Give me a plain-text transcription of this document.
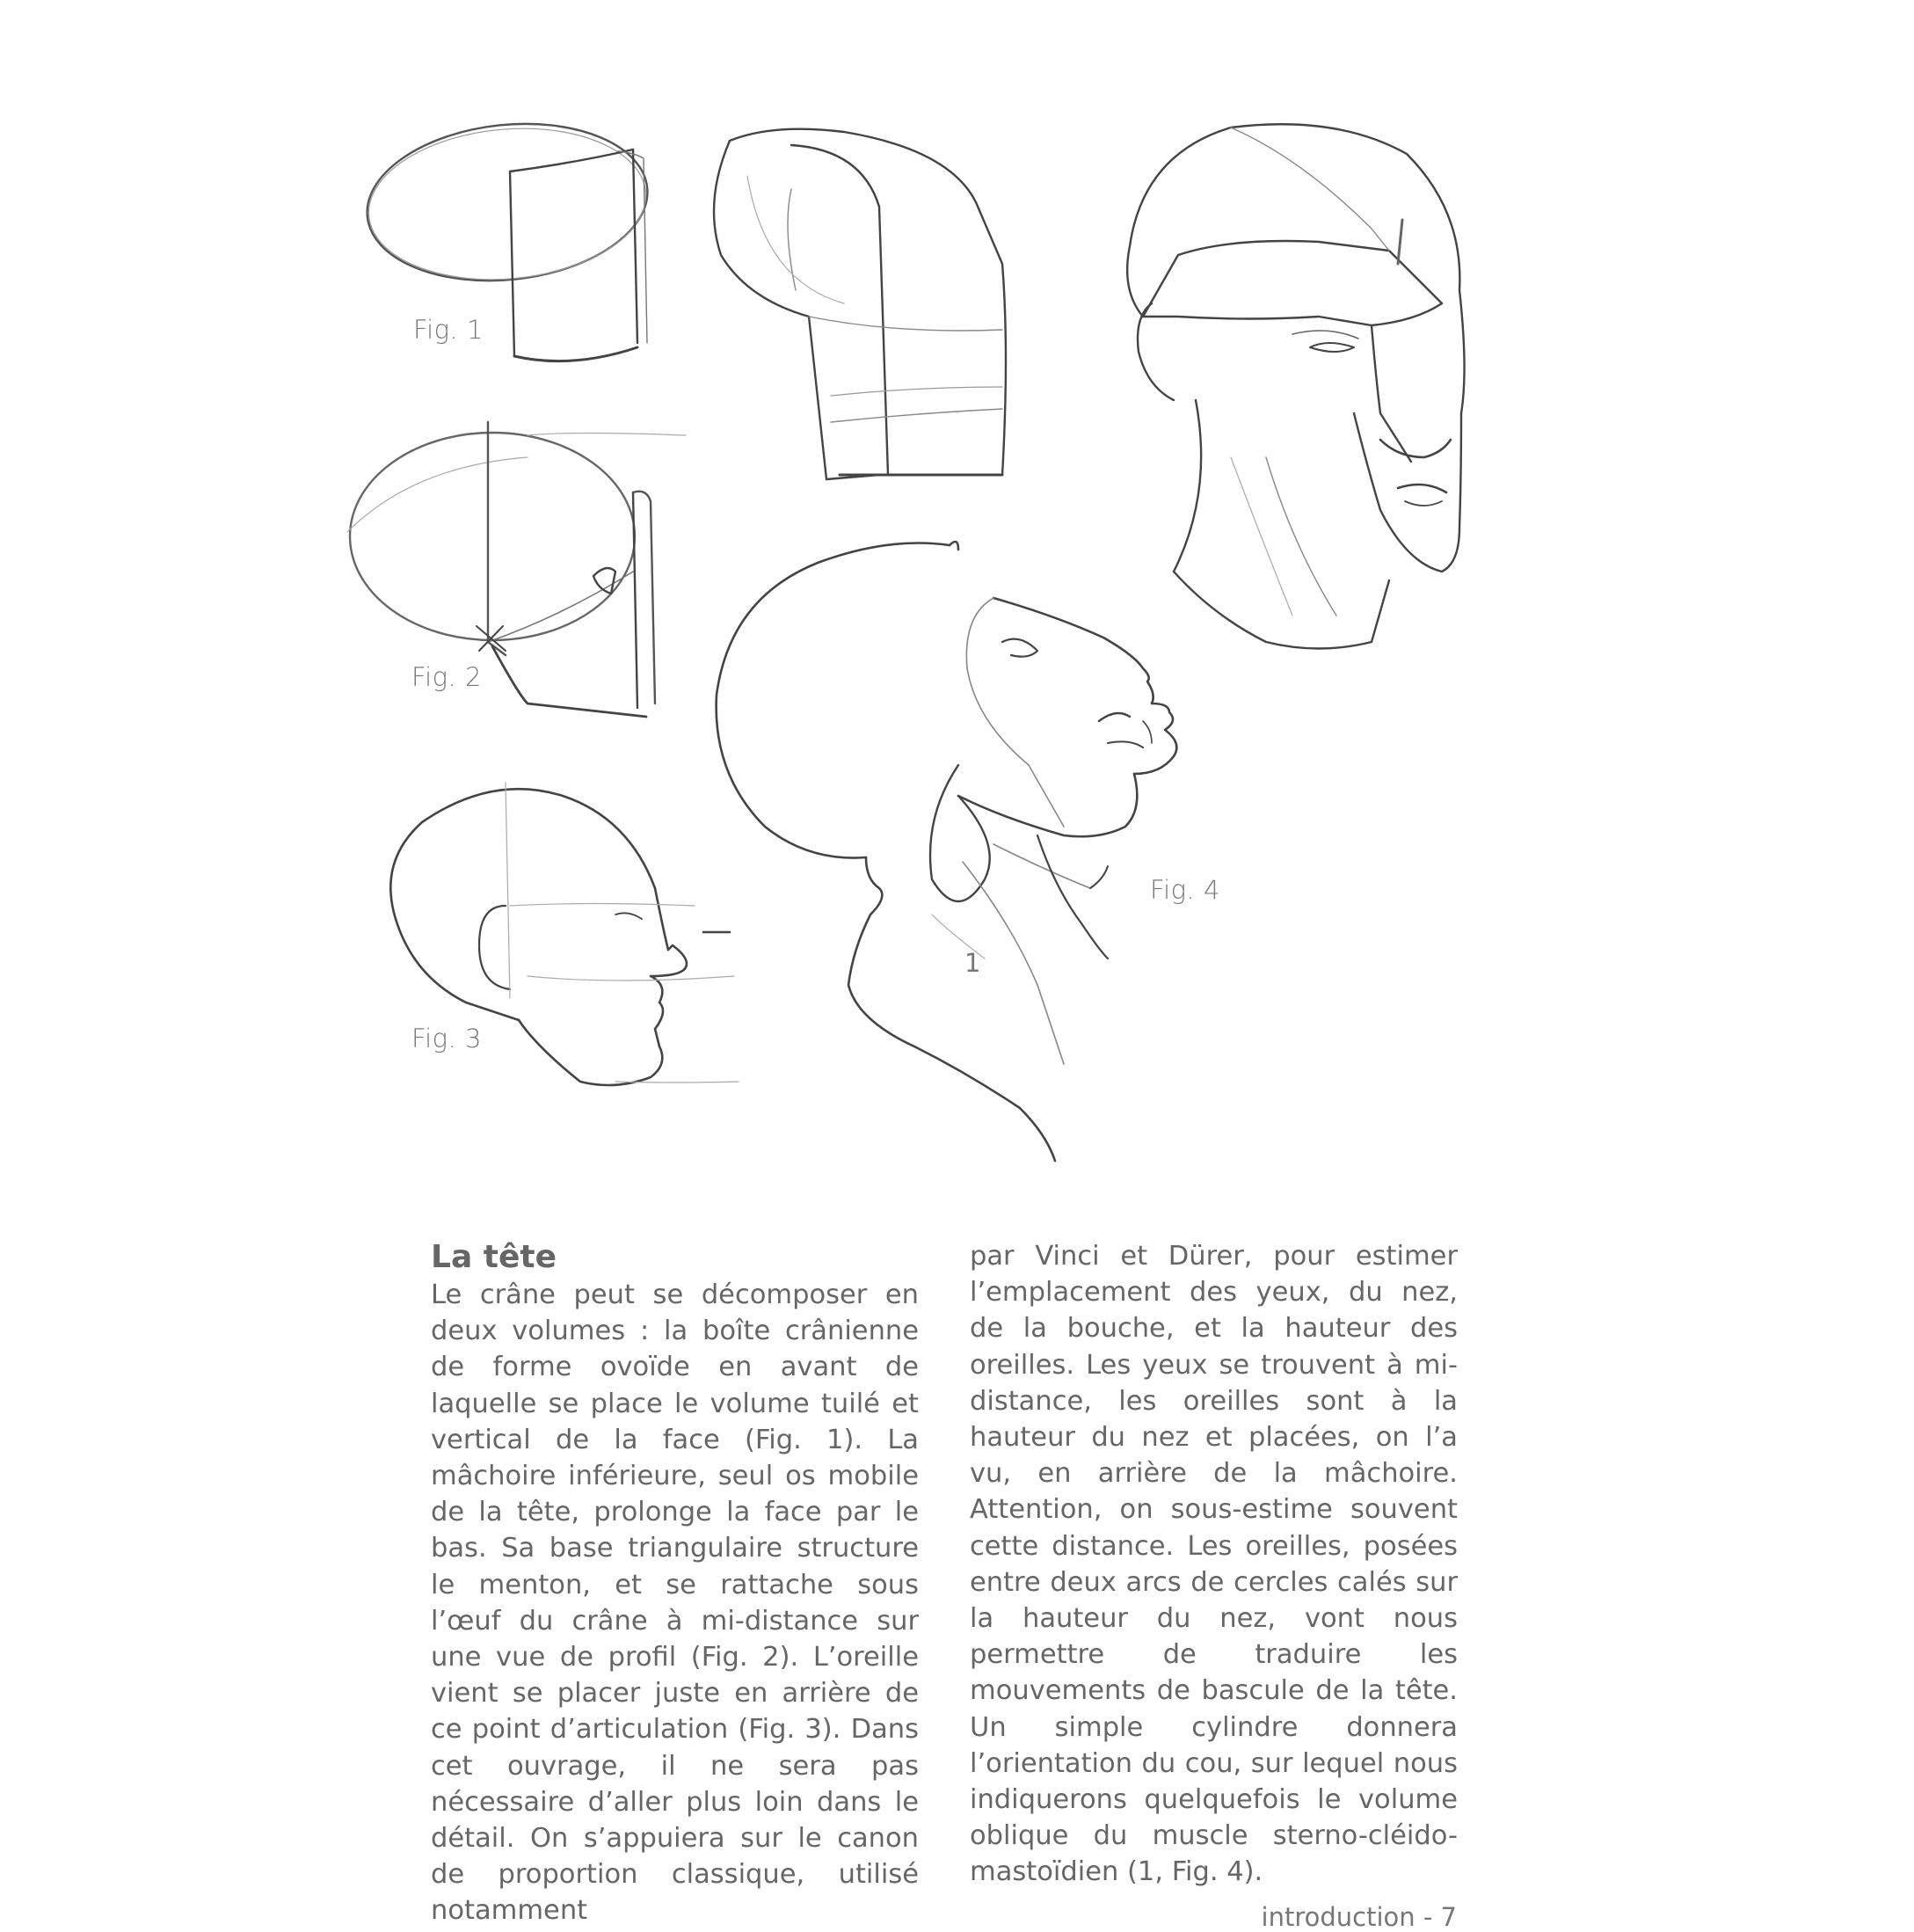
Fig. 1
Fig. 2
Fig. 3
Fig. 4
1
La tête

Le crâne peut se décomposer en deux volumes : la boîte crânienne de forme ovoïde en avant de laquelle se place le volume tuilé et vertical de la face (Fig. 1). La mâchoire inférieure, seul os mobile de la tête, prolonge la face par le bas. Sa base triangulaire structure le menton, et se rattache sous l’œuf du crâne à mi-distance sur une vue de profil (Fig. 2). L’oreille vient se placer juste en arrière de ce point d’articulation (Fig. 3). Dans cet ouvrage, il ne sera pas nécessaire d’aller plus loin dans le détail. On s’appuiera sur le canon de proportion classique, utilisé notamment

par Vinci et Dürer, pour estimer l’emplacement des yeux, du nez, de la bouche, et la hauteur des oreilles. Les yeux se trouvent à mi-distance, les oreilles sont à la hauteur du nez et placées, on l’a vu, en arrière de la mâchoire. Attention, on sous-estime souvent cette distance. Les oreilles, posées entre deux arcs de cercles calés sur la hauteur du nez, vont nous permettre de traduire les mouvements de bascule de la tête. Un simple cylindre donnera l’orientation du cou, sur lequel nous indiquerons quelquefois le volume oblique du muscle sterno-cléido-mastoïdien (1, Fig. 4).

introduction - 7
